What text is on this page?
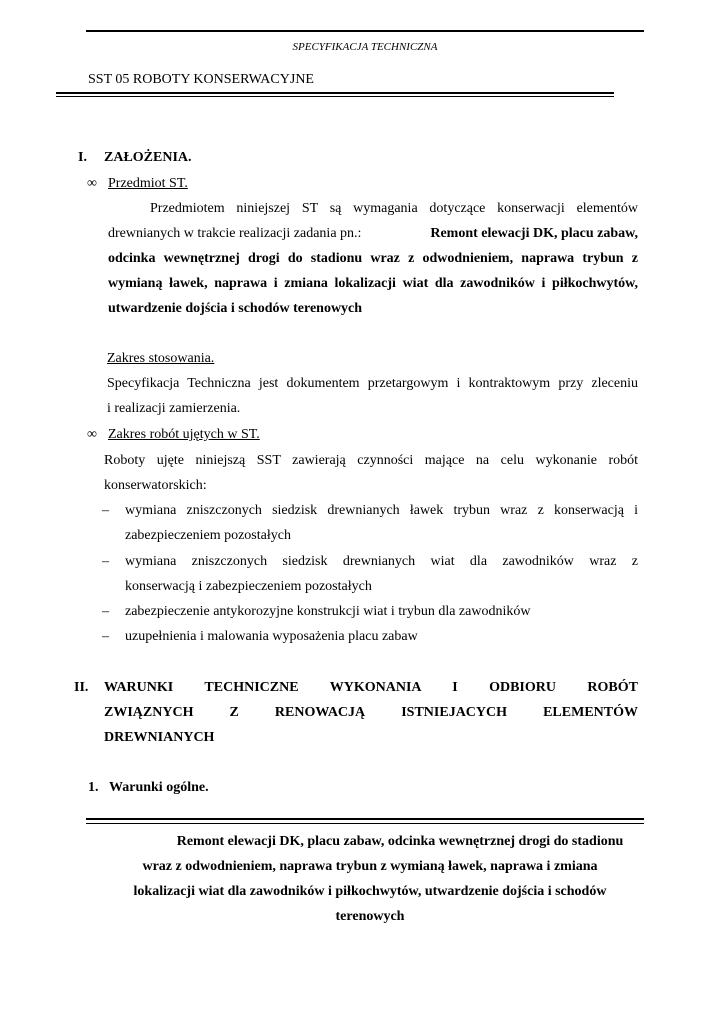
SPECYFIKACJA TECHNICZNA
SST 05 ROBOTY KONSERWACYJNE
I. ZAŁOŻENIA.
∞ Przedmiot ST.
Przedmiotem niniejszej ST są wymagania dotyczące konserwacji elementów
drewnianych w trakcie realizacji zadania pn.:	Remont elewacji DK, placu zabaw,
odcinka wewnętrznej drogi do stadionu wraz z odwodnieniem, naprawa trybun z
wymianą ławek, naprawa i zmiana lokalizacji wiat dla zawodników i piłkochwytów,
utwardzenie dojścia i schodów terenowych
Zakres stosowania.
Specyfikacja Techniczna jest dokumentem przetargowym i kontraktowym przy zleceniu
i realizacji zamierzenia.
∞ Zakres robót ujętych w ST.
Roboty ujęte niniejszą SST zawierają czynności mające na celu wykonanie robót
konserwatorskich:
– wymiana zniszczonych siedzisk drewnianych ławek trybun wraz z konserwacją i
zabezpieczeniem pozostałych
– wymiana zniszczonych siedzisk drewnianych wiat dla zawodników wraz z
konserwacją i zabezpieczeniem pozostałych
– zabezpieczenie antykorozyjne konstrukcji wiat i trybun dla zawodników
– uzupełnienia i malowania wyposażenia placu zabaw
II. WARUNKI TECHNICZNE WYKONANIA I ODBIORU ROBÓT
ZWIĄZNYCH Z RENOWACJĄ ISTNIEJACYCH ELEMENTÓW
DREWNIANYCH
1. Warunki ogólne.
Remont elewacji DK, placu zabaw, odcinka wewnętrznej drogi do stadionu
wraz z odwodnieniem, naprawa trybun z wymianą ławek, naprawa i zmiana
lokalizacji wiat dla zawodników i piłkochwytów, utwardzenie dojścia i schodów
terenowych
